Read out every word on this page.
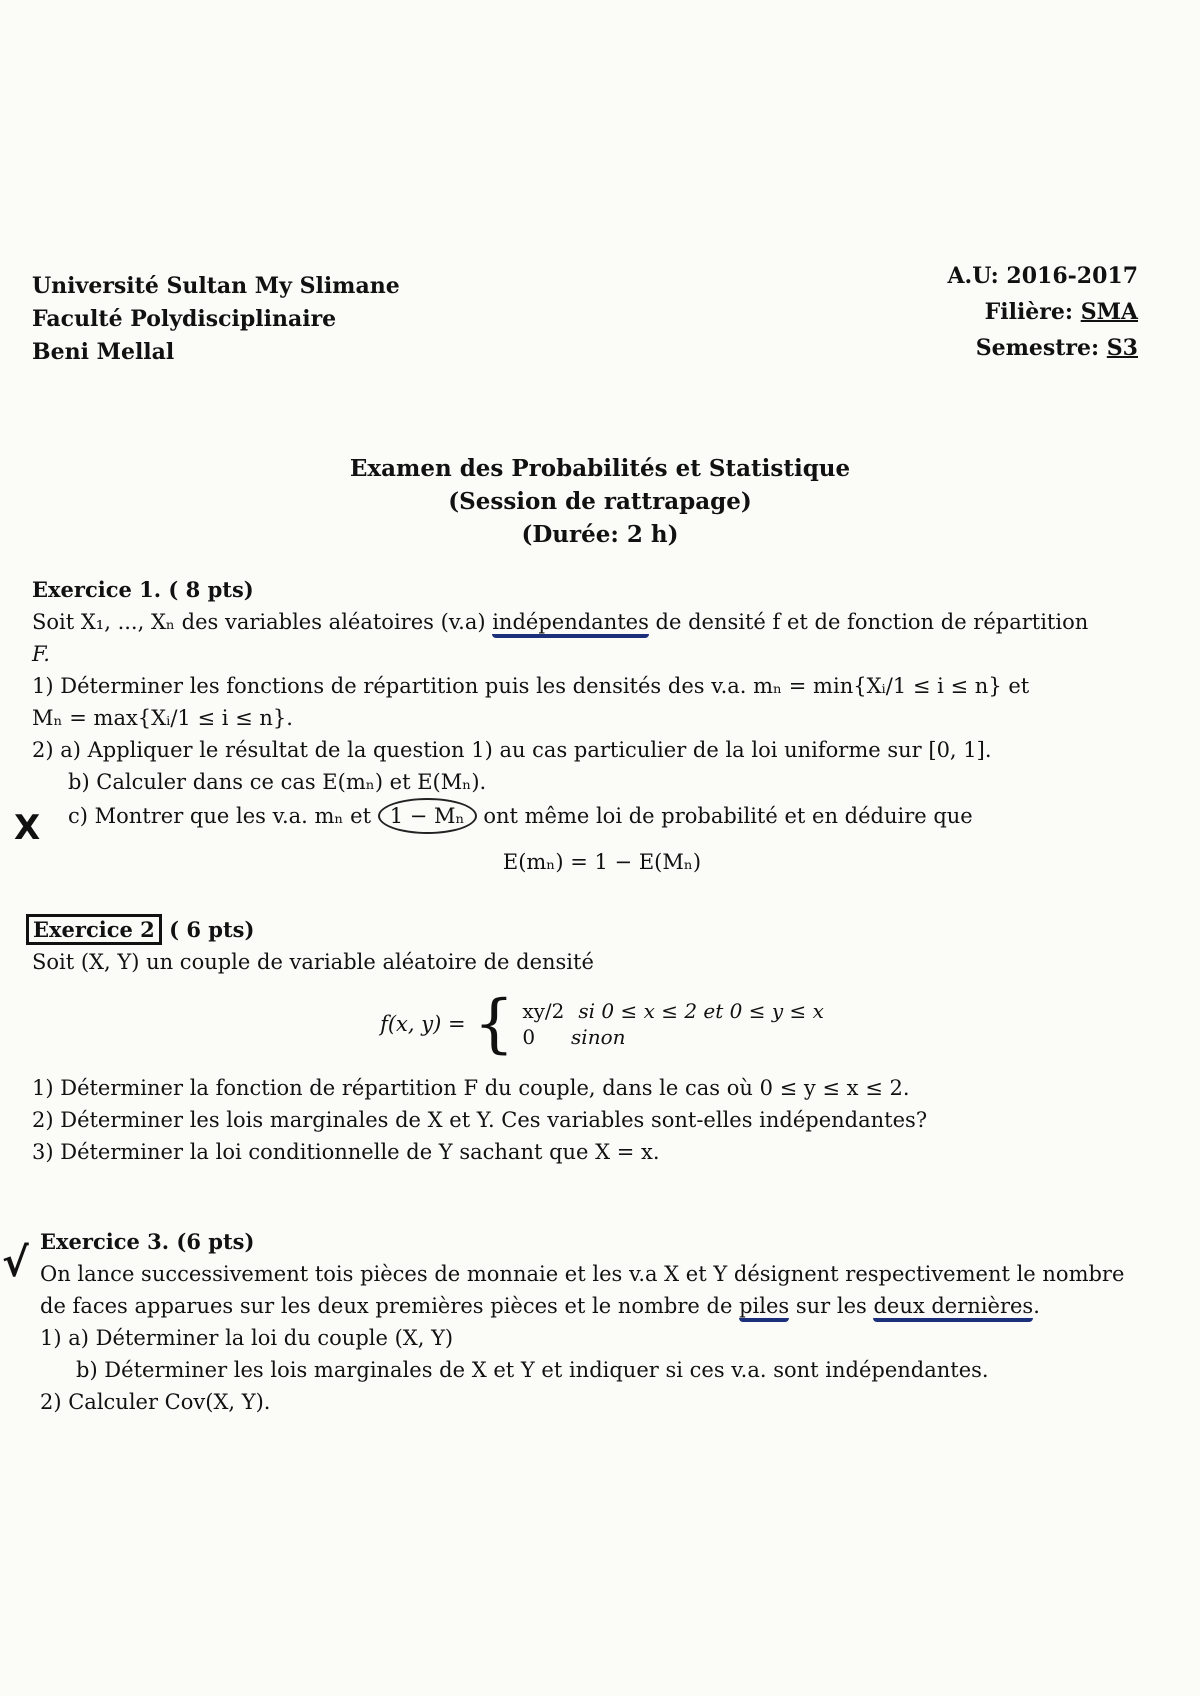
Université Sultan My Slimane
Faculté Polydisciplinaire
Beni Mellal
A.U: 2016-2017
Filière: SMA
Semestre: S3
Examen des Probabilités et Statistique
(Session de rattrapage)
(Durée: 2 h)
Exercice 1. ( 8 pts)
Soit X₁, ..., Xₙ des variables aléatoires (v.a) indépendantes de densité f et de fonction de répartition
F.
1) Déterminer les fonctions de répartition puis les densités des v.a. mₙ = min{Xᵢ/1 ≤ i ≤ n} et
Mₙ = max{Xᵢ/1 ≤ i ≤ n}.
2) a) Appliquer le résultat de la question 1) au cas particulier de la loi uniforme sur [0, 1].
b) Calculer dans ce cas E(mₙ) et E(Mₙ).
c) Montrer que les v.a. mₙ et 1 − Mₙ ont même loi de probabilité et en déduire que
E(mₙ) = 1 − E(Mₙ)
Exercice 2 ( 6 pts)
Soit (X, Y) un couple de variable aléatoire de densité
f(x, y) = { xy/2 si 0 ≤ x ≤ 2 et 0 ≤ y ≤ x
0	sinon
1) Déterminer la fonction de répartition F du couple, dans le cas où 0 ≤ y ≤ x ≤ 2.
2) Déterminer les lois marginales de X et Y. Ces variables sont-elles indépendantes?
3) Déterminer la loi conditionnelle de Y sachant que X = x.
Exercice 3. (6 pts)
On lance successivement tois pièces de monnaie et les v.a X et Y désignent respectivement le nombre
de faces apparues sur les deux premières pièces et le nombre de piles sur les deux dernières.
1) a) Déterminer la loi du couple (X, Y)
b) Déterminer les lois marginales de X et Y et indiquer si ces v.a. sont indépendantes.
2) Calculer Cov(X, Y).
X
√
